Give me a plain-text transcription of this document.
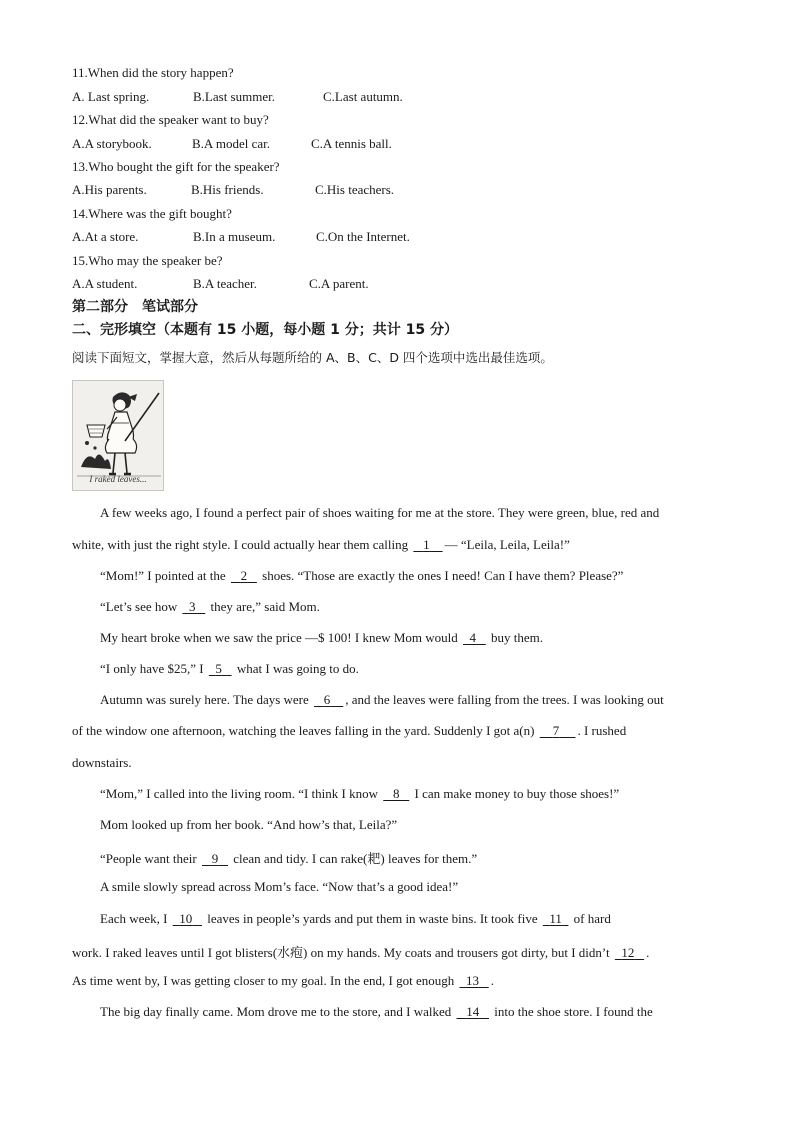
11.When did the story happen?
A. Last spring.	B.Last summer.	C.Last autumn.
12.What did the speaker want to buy?
A.A storybook.	B.A model car.	C.A tennis ball.
13.Who bought the gift for the speaker?
A.His parents.	B.His friends.	C.His teachers.
14.Where was the gift bought?
A.At a store.	B.In a museum.	C.On the Internet.
15.Who may the speaker be?
A.A student.	B.A teacher.	C.A parent.
第二部分　笔试部分
二、完形填空（本题有 15 小题，每小题 1 分；共计 15 分）
阅读下面短文，掌握大意，然后从每题所给的 A、B、C、D 四个选项中选出最佳选项。
I raked leaves...
A few weeks ago, I found a perfect pair of shoes waiting for me at the store. They were green, blue, red and
white, with just the right style. I could actually hear them calling    1 — “Leila, Leila, Leila!”
“Mom!” I pointed at the    2    shoes. “Those are exactly the ones I need! Can I have them? Please?”
“Let’s see how   3    they are,” said Mom.
My heart broke when we saw the price —$ 100! I knew Mom would   4    buy them.
“I only have $25,” I   5    what I was going to do.
Autumn was surely here. The days were    6 , and the leaves were falling from the trees. I was looking out
of the window one afternoon, watching the leaves falling in the yard. Suddenly I got a(n)     7 . I rushed
downstairs.
“Mom,” I called into the living room. “I think I know    8    I can make money to buy those shoes!”
Mom looked up from her book. “And how’s that, Leila?”
“People want their    9    clean and tidy. I can rake(耙) leaves for them.”
A smile slowly spread across Mom’s face. “Now that’s a good idea!”
Each week, I   10    leaves in people’s yards and put them in waste bins. It took five   11   of hard
work. I raked leaves until I got blisters(水疱) on my hands. My coats and trousers got dirty, but I didn’t   12 .
As time went by, I was getting closer to my goal. In the end, I got enough   13 .
The big day finally came. Mom drove me to the store, and I walked    14    into the shoe store. I found the
